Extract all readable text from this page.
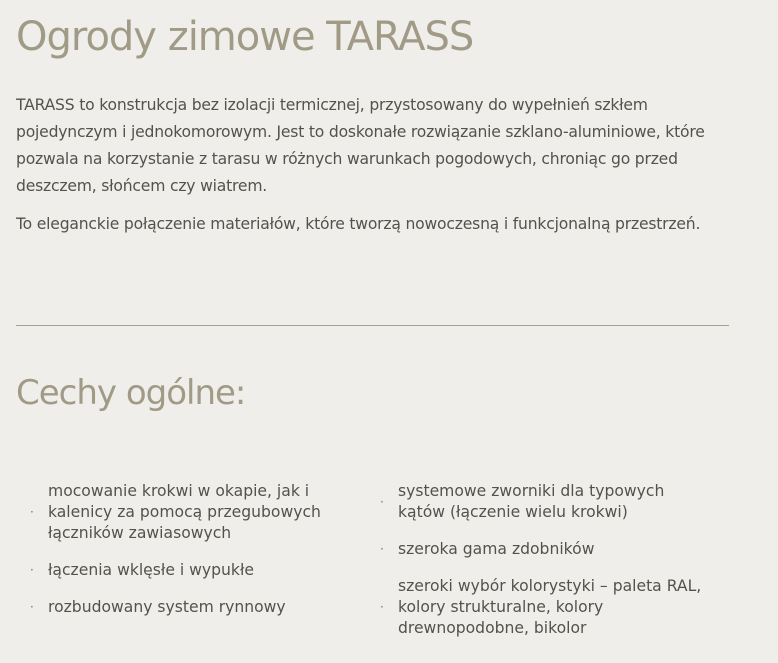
Ogrody zimowe TARASS

TARASS to konstrukcja bez izolacji termicznej, przystosowany do wypełnień szkłem pojedynczym i jednokomorowym. Jest to doskonałe rozwiązanie szklano-aluminiowe, które pozwala na korzystanie z tarasu w różnych warunkach pogodowych, chroniąc go przed deszczem, słońcem czy wiatrem.

To eleganckie połączenie materiałów, które tworzą nowoczesną i funkcjonalną przestrzeń.

Cechy ogólne:
·
mocowanie krokwi w okapie, jak i kalenicy za pomocą przegubowych łączników zawiasowych
· łączenia wklęsłe i wypukłe
· rozbudowany system rynnowy
·
systemowe zworniki dla typowych kątów (łączenie wielu krokwi)
· szeroka gama zdobników
·
szeroki wybór kolorystyki – paleta RAL, kolory strukturalne, kolory drewnopodobne, bikolor
